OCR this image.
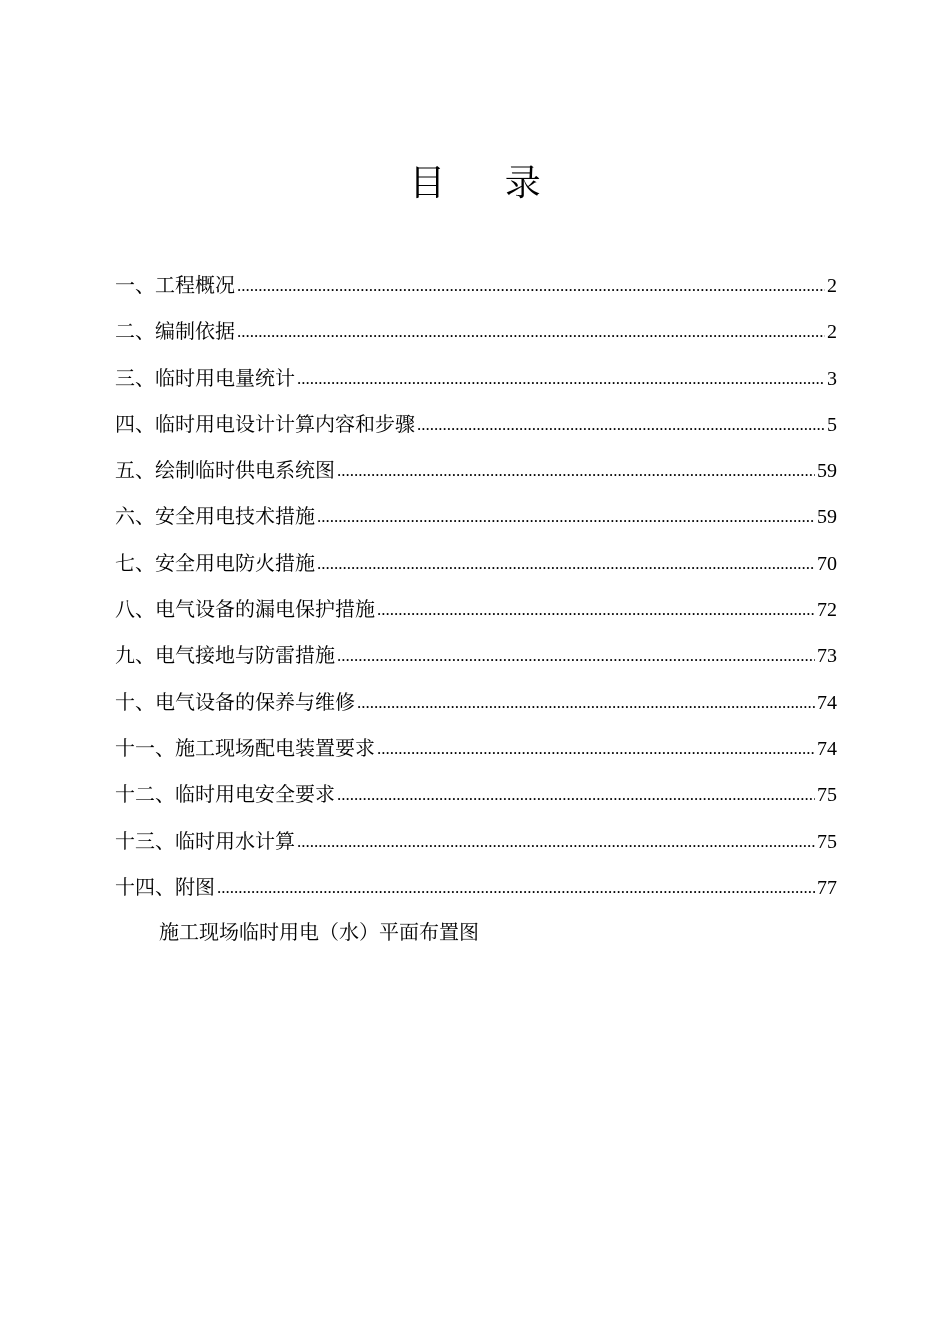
目 录
一、工程概况 .....	2
二、编制依据 .....	2
三、临时用电量统计 .....	3
四、临时用电设计计算内容和步骤 .....	5
五、绘制临时供电系统图 .....	59
六、安全用电技术措施 .....	59
七、安全用电防火措施 .....	70
八、电气设备的漏电保护措施 .....	72
九、电气接地与防雷措施 .....	73
十、电气设备的保养与维修 .....	74
十一、施工现场配电装置要求 .....	74
十二、临时用电安全要求 .....	75
十三、临时用水计算 .....	75
十四、附图 .....	77
施工现场临时用电（水）平面布置图
